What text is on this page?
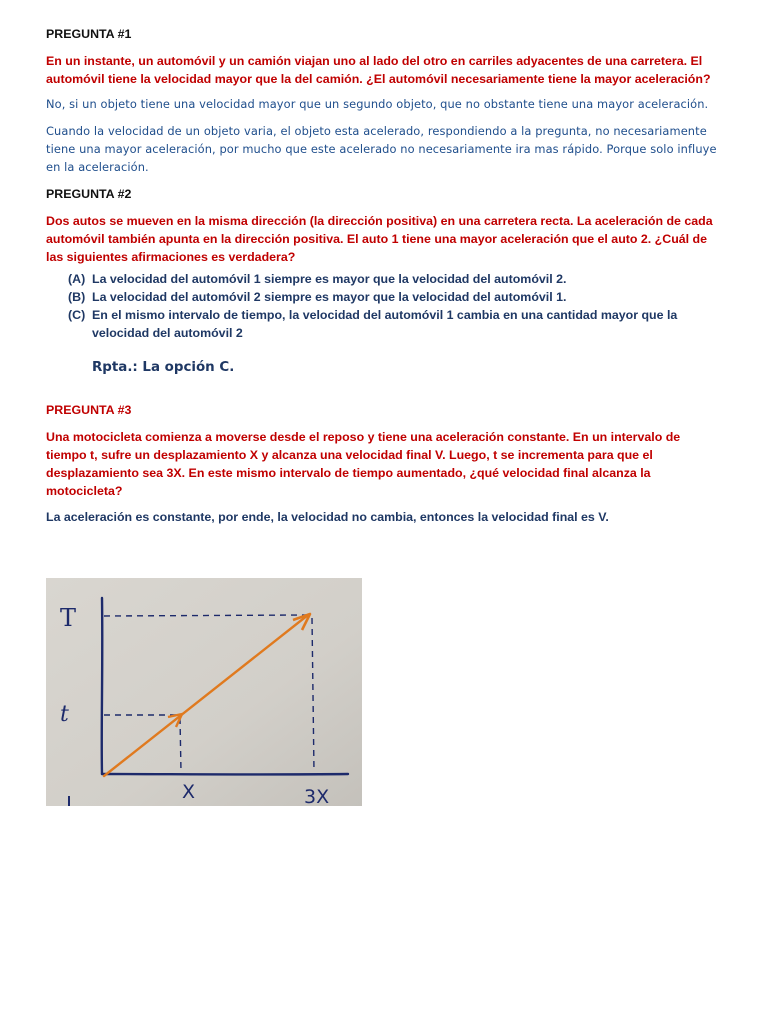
PREGUNTA #1

En un instante, un automóvil y un camión viajan uno al lado del otro en carriles adyacentes de una carretera. El automóvil tiene la velocidad mayor que la del camión. ¿El automóvil necesariamente tiene la mayor aceleración?

No, si un objeto tiene una velocidad mayor que un segundo objeto, que no obstante tiene una mayor aceleración.

Cuando la velocidad de un objeto varia, el objeto esta acelerado, respondiendo a la pregunta, no necesariamente tiene una mayor aceleración, por mucho que este acelerado no necesariamente ira mas rápido. Porque solo influye en la aceleración.

PREGUNTA #2

Dos autos se mueven en la misma dirección (la dirección positiva) en una carretera recta. La aceleración de cada automóvil también apunta en la dirección positiva. El auto 1 tiene una mayor aceleración que el auto 2. ¿Cuál de las siguientes afirmaciones es verdadera?

(A) La velocidad del automóvil 1 siempre es mayor que la velocidad del automóvil 2.
(B) La velocidad del automóvil 2 siempre es mayor que la velocidad del automóvil 1.
(C) En el mismo intervalo de tiempo, la velocidad del automóvil 1 cambia en una cantidad mayor que la velocidad del automóvil 2

Rpta.: La opción C.

PREGUNTA #3

Una motocicleta comienza a moverse desde el reposo y tiene una aceleración constante. En un intervalo de tiempo t, sufre un desplazamiento X y alcanza una velocidad final V. Luego, t se incrementa para que el desplazamiento sea 3X. En este mismo intervalo de tiempo aumentado, ¿qué velocidad final alcanza la motocicleta?

La aceleración es constante, por ende, la velocidad no cambia, entonces la velocidad final es V.

T
t
X	3X
